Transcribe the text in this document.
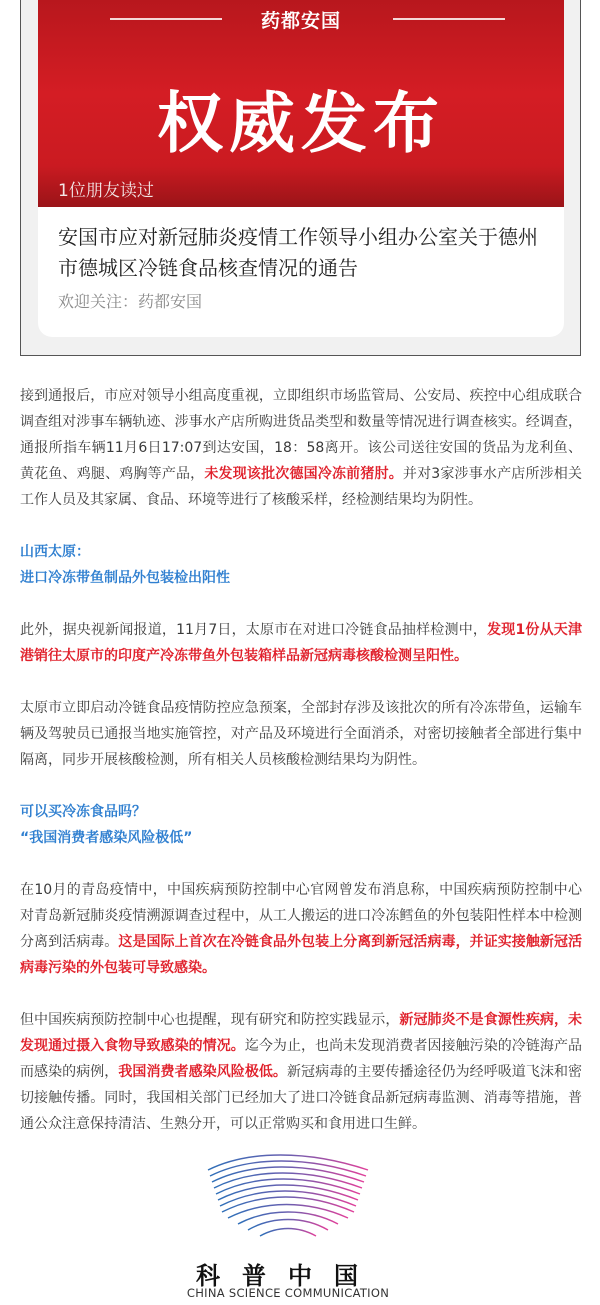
药都安国
权威发布
1位朋友读过
安国市应对新冠肺炎疫情工作领导小组办公室关于德州市德城区冷链食品核查情况的通告
欢迎关注：药都安国

接到通报后，市应对领导小组高度重视，立即组织市场监管局、公安局、疾控中心组成联合调查组对涉事车辆轨迹、涉事水产店所购进货品类型和数量等情况进行调查核实。经调查，通报所指车辆11月6日17:07到达安国，18：58离开。该公司送往安国的货品为龙利鱼、黄花鱼、鸡腿、鸡胸等产品，未发现该批次德国冷冻前猪肘。并对3家涉事水产店所涉相关工作人员及其家属、食品、环境等进行了核酸采样，经检测结果均为阴性。

山西太原：
进口冷冻带鱼制品外包装检出阳性

此外，据央视新闻报道，11月7日，太原市在对进口冷链食品抽样检测中，发现1份从天津港销往太原市的印度产冷冻带鱼外包装箱样品新冠病毒核酸检测呈阳性。

太原市立即启动冷链食品疫情防控应急预案，全部封存涉及该批次的所有冷冻带鱼，运输车辆及驾驶员已通报当地实施管控，对产品及环境进行全面消杀，对密切接触者全部进行集中隔离，同步开展核酸检测，所有相关人员核酸检测结果均为阴性。

可以买冷冻食品吗？
“我国消费者感染风险极低”

在10月的青岛疫情中，中国疾病预防控制中心官网曾发布消息称，中国疾病预防控制中心对青岛新冠肺炎疫情溯源调查过程中，从工人搬运的进口冷冻鳕鱼的外包装阳性样本中检测分离到活病毒。这是国际上首次在冷链食品外包装上分离到新冠活病毒，并证实接触新冠活病毒污染的外包装可导致感染。

但中国疾病预防控制中心也提醒，现有研究和防控实践显示，新冠肺炎不是食源性疾病，未发现通过摄入食物导致感染的情况。迄今为止，也尚未发现消费者因接触污染的冷链海产品而感染的病例，我国消费者感染风险极低。新冠病毒的主要传播途径仍为经呼吸道飞沫和密切接触传播。同时，我国相关部门已经加大了进口冷链食品新冠病毒监测、消毒等措施，普通公众注意保持清洁、生熟分开，可以正常购买和食用进口生鲜。

科普中国
CHINA SCIENCE COMMUNICATION
